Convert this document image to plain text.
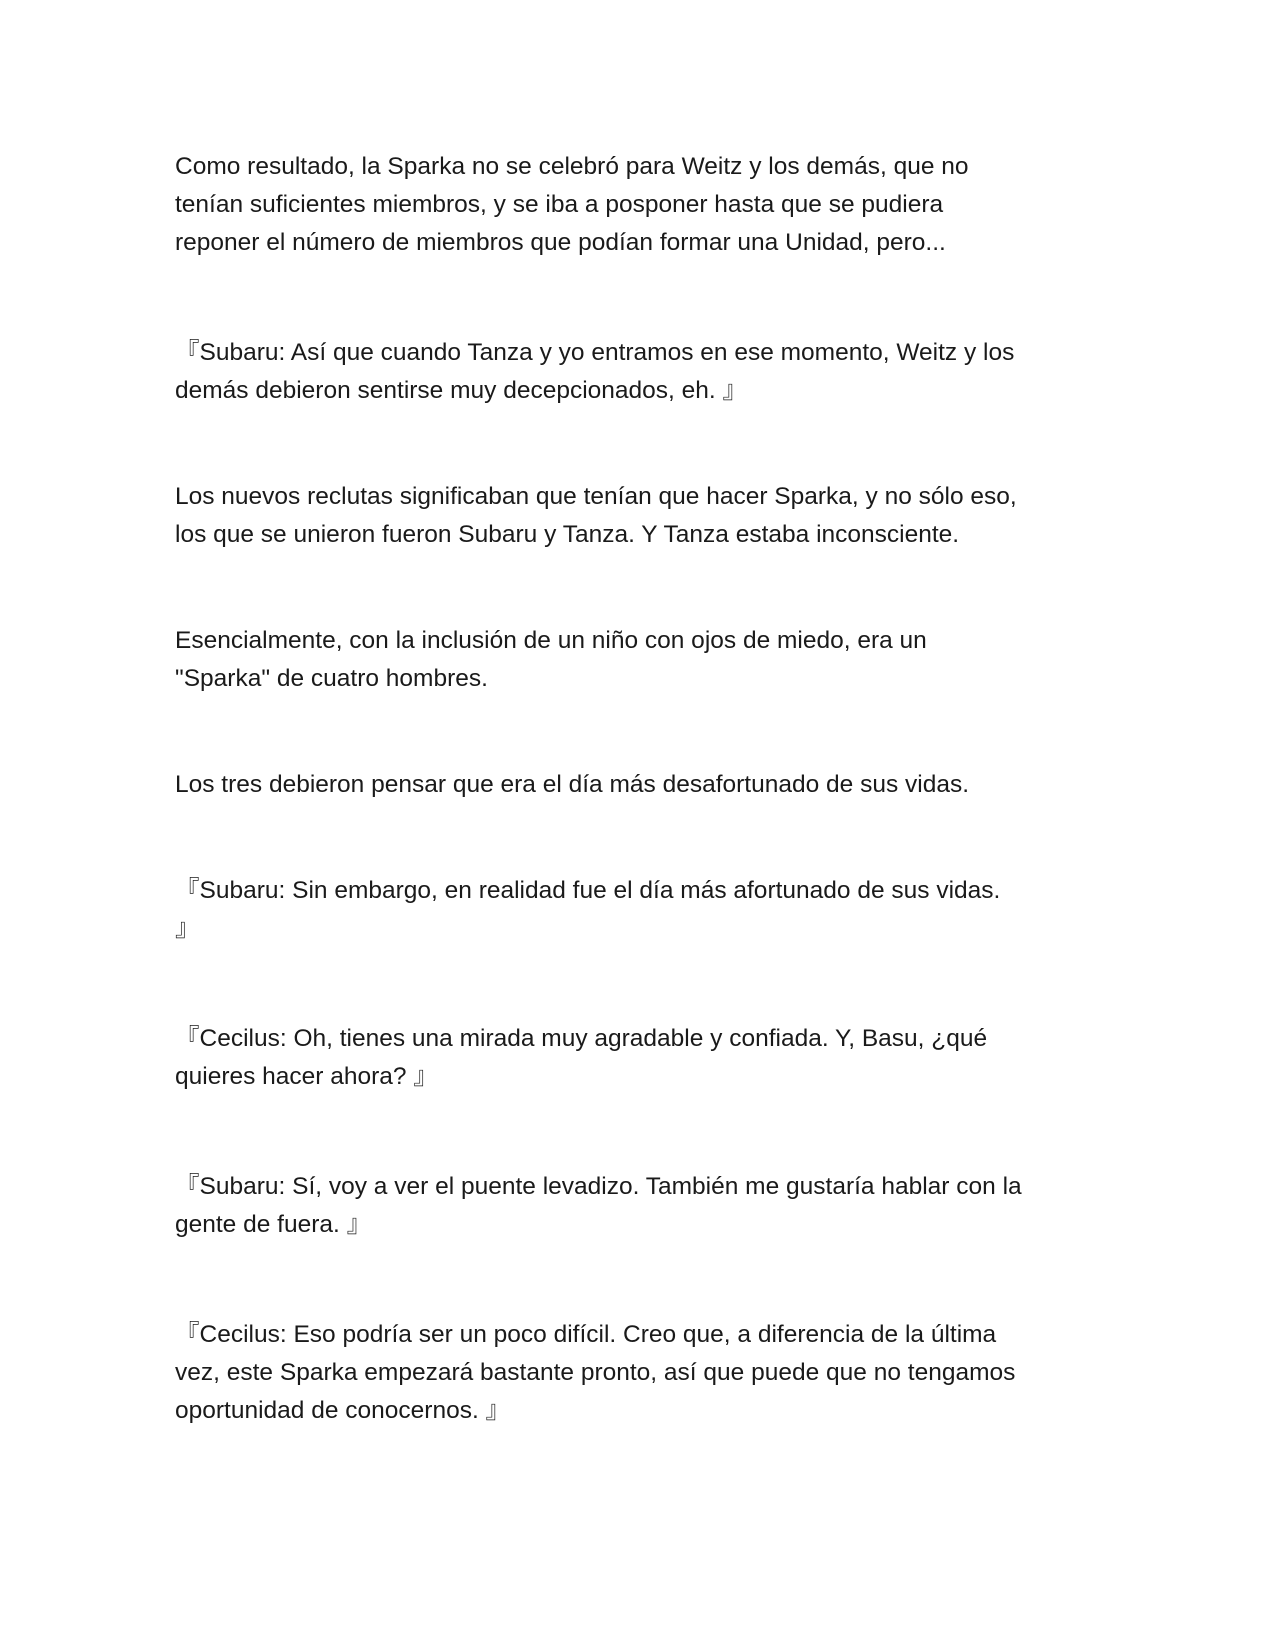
Como resultado, la Sparka no se celebró para Weitz y los demás, que no
tenían suficientes miembros, y se iba a posponer hasta que se pudiera
reponer el número de miembros que podían formar una Unidad, pero...

『Subaru: Así que cuando Tanza y yo entramos en ese momento, Weitz y los
demás debieron sentirse muy decepcionados, eh. 』

Los nuevos reclutas significaban que tenían que hacer Sparka, y no sólo eso,
los que se unieron fueron Subaru y Tanza. Y Tanza estaba inconsciente.

Esencialmente, con la inclusión de un niño con ojos de miedo, era un
"Sparka" de cuatro hombres.

Los tres debieron pensar que era el día más desafortunado de sus vidas.

『Subaru: Sin embargo, en realidad fue el día más afortunado de sus vidas.
』

『Cecilus: Oh, tienes una mirada muy agradable y confiada. Y, Basu, ¿qué
quieres hacer ahora? 』

『Subaru: Sí, voy a ver el puente levadizo. También me gustaría hablar con la
gente de fuera. 』

『Cecilus: Eso podría ser un poco difícil. Creo que, a diferencia de la última
vez, este Sparka empezará bastante pronto, así que puede que no tengamos
oportunidad de conocernos. 』
